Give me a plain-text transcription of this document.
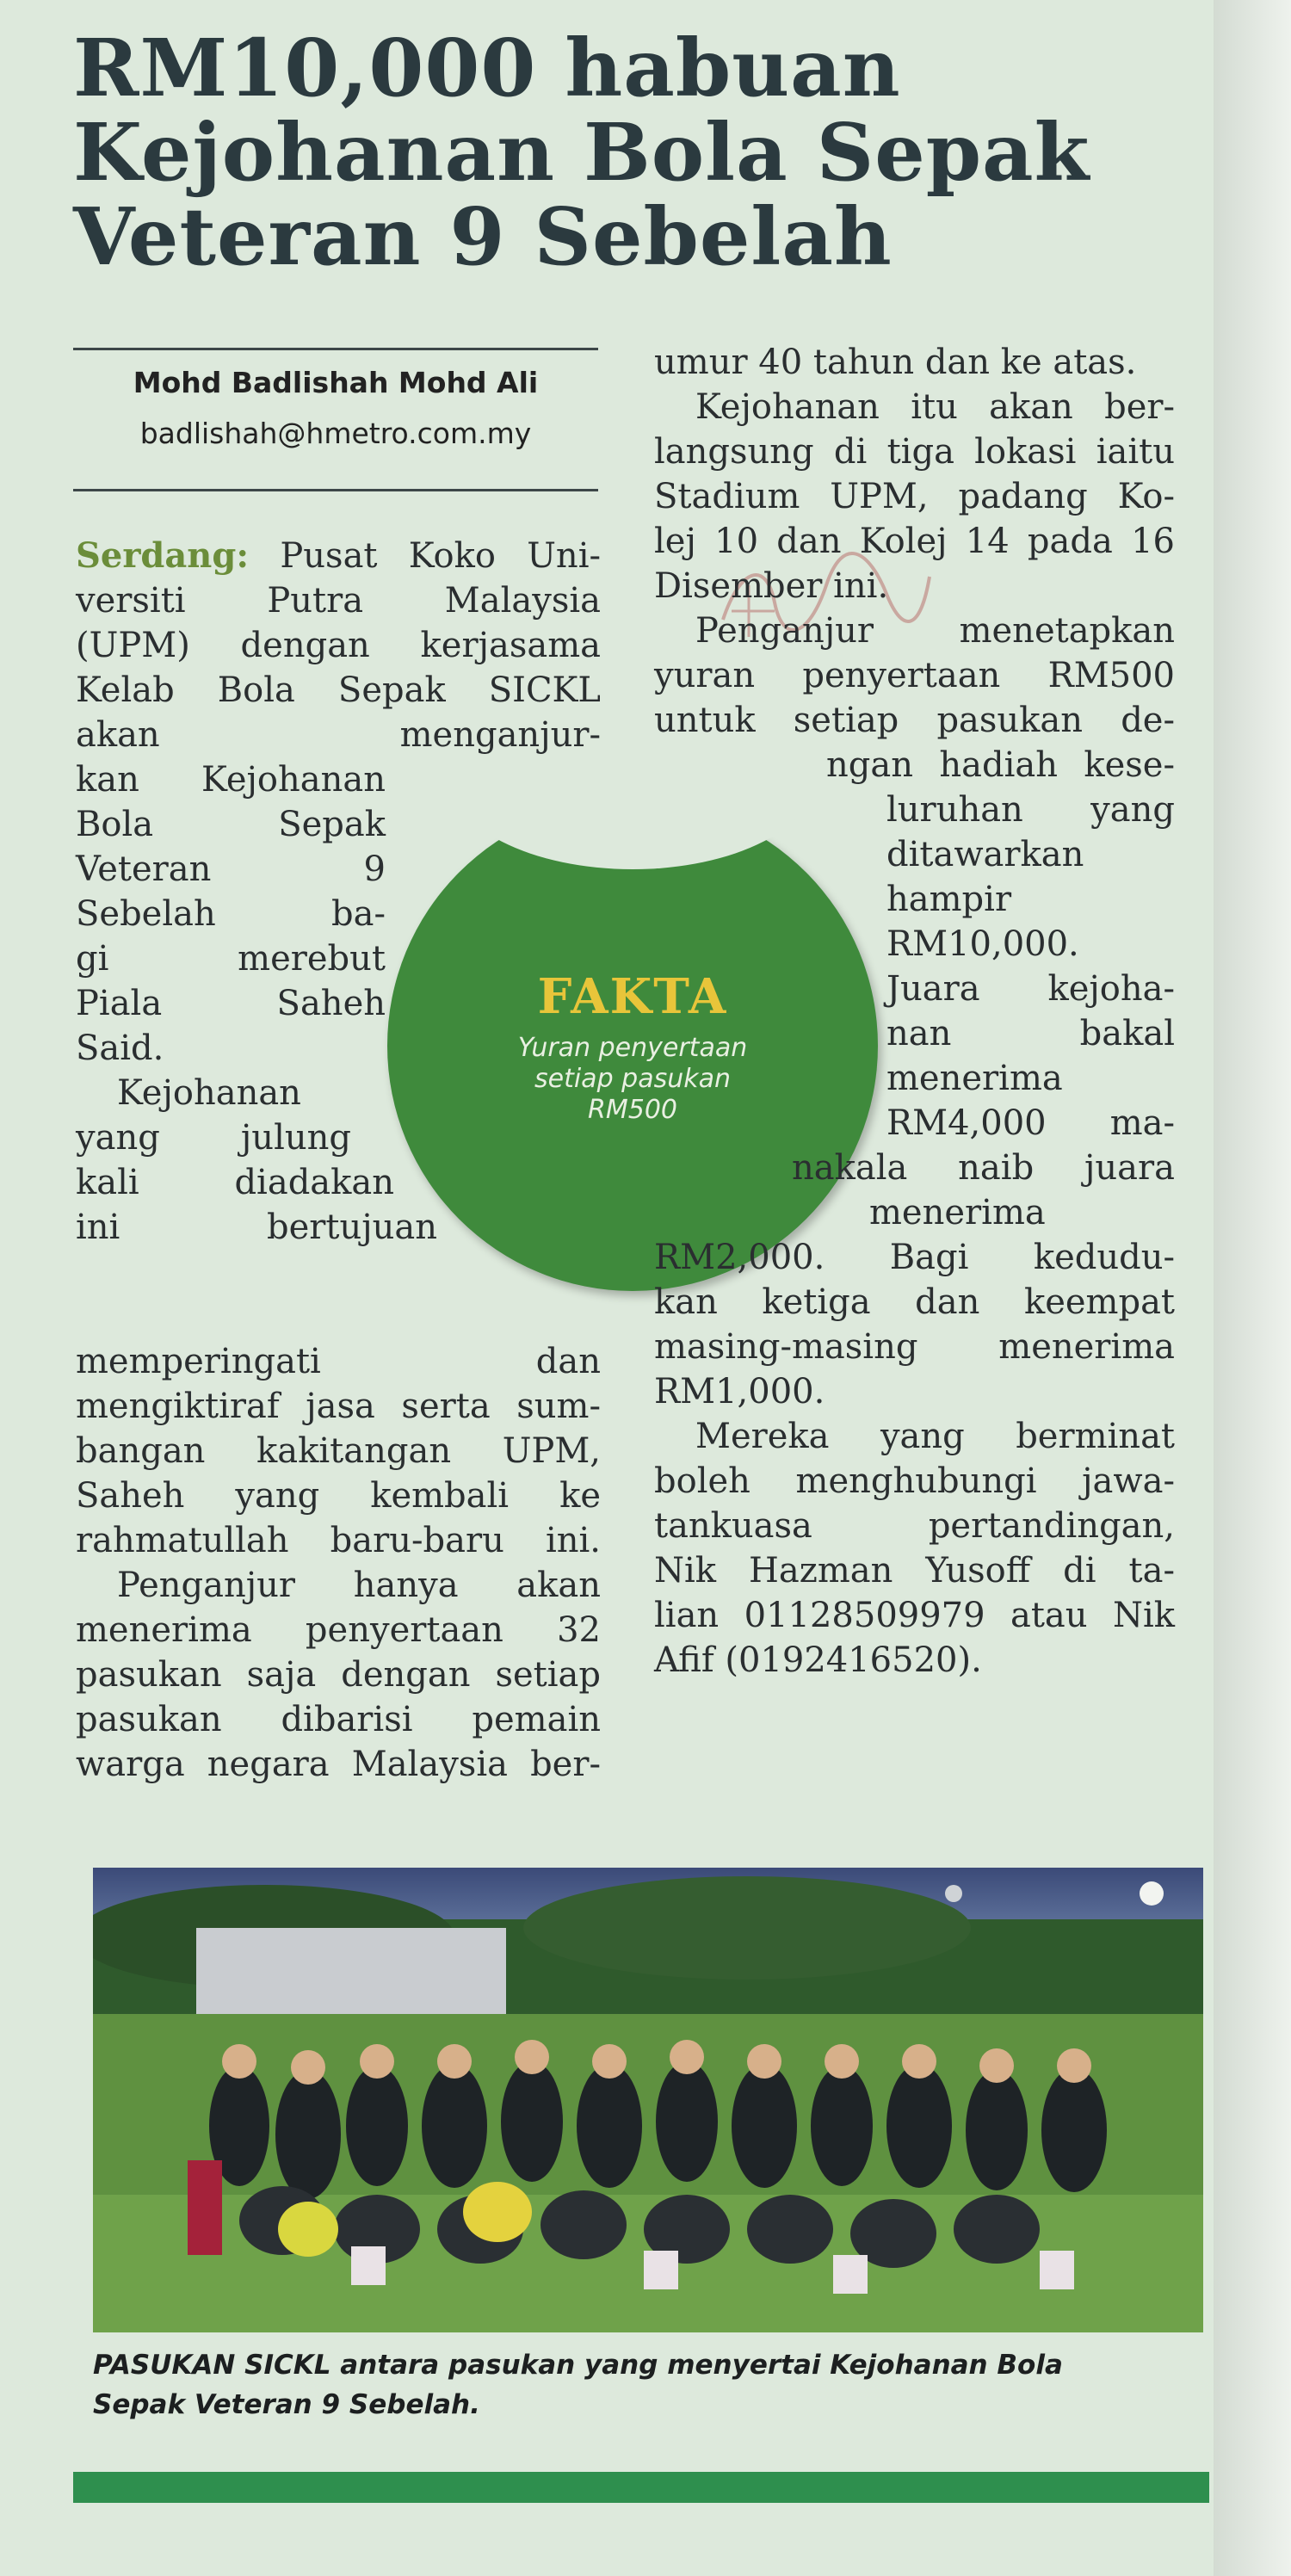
RM10,000 habuan
Kejohanan Bola Sepak
Veteran 9 Sebelah
Mohd Badlishah Mohd Ali
badlishah@hmetro.com.my
Serdang: Pusat Koko Uni-
versiti Putra Malaysia
(UPM) dengan kerjasama
Kelab Bola Sepak SICKL
akan menganjur-
kan Kejohanan
Bola Sepak
Veteran 9
Sebelah ba-
gi merebut
Piala Saheh
Said.
Kejohanan
yang julung
kali diadakan
ini bertujuan
memperingati dan
mengiktiraf jasa serta sum-
bangan kakitangan UPM,
Saheh yang kembali ke
rahmatullah baru-baru ini.
Penganjur hanya akan
menerima penyertaan 32
pasukan saja dengan setiap
pasukan dibarisi pemain
warga negara Malaysia ber-
FAKTA
Yuran penyertaan
setiap pasukan
RM500
umur 40 tahun dan ke atas.
Kejohanan itu akan ber-
langsung di tiga lokasi iaitu
Stadium UPM, padang Ko-
lej 10 dan Kolej 14 pada 16
Disember ini.
Penganjur menetapkan
yuran penyertaan RM500
untuk setiap pasukan de-
ngan hadiah kese-
luruhan yang
ditawarkan
hampir
RM10,000.
Juara kejoha-
nan bakal
menerima
RM4,000 ma-
nakala naib juara
menerima
RM2,000. Bagi kedudu-
kan ketiga dan keempat
masing-masing menerima
RM1,000.
Mereka yang berminat
boleh menghubungi jawa-
tankuasa pertandingan,
Nik Hazman Yusoff di ta-
lian 01128509979 atau Nik
Afif (0192416520).
PASUKAN SICKL antara pasukan yang menyertai Kejohanan Bola
Sepak Veteran 9 Sebelah.
